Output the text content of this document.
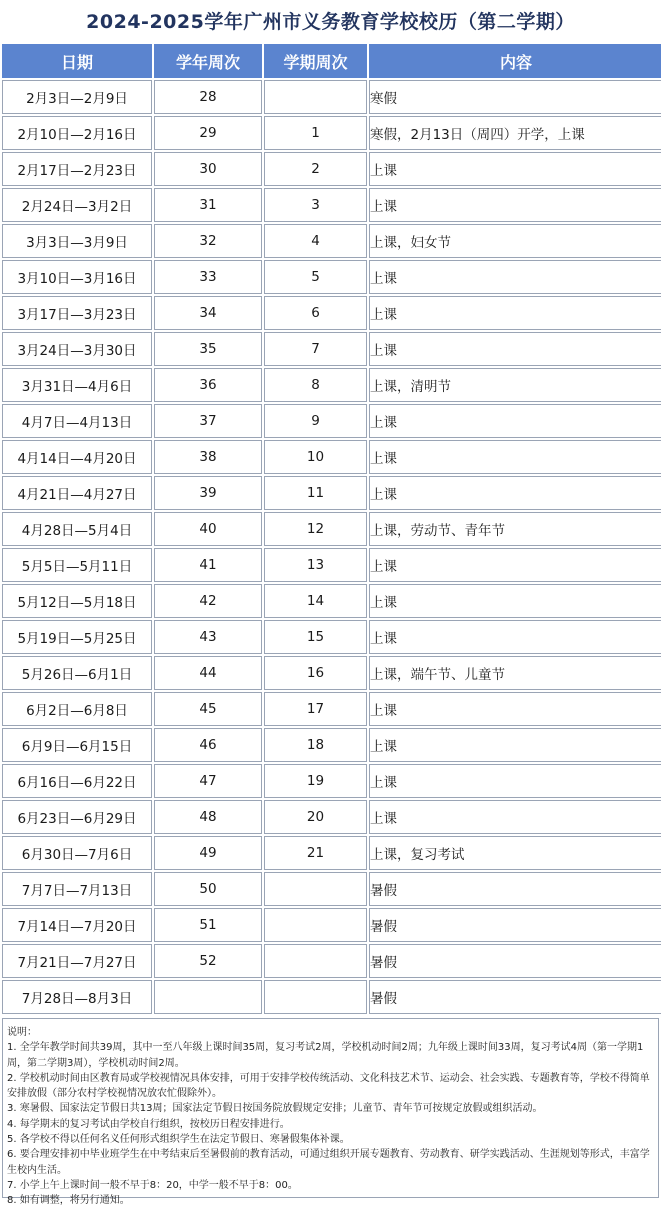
2024-2025学年广州市义务教育学校校历（第二学期）
日期	学年周次	学期周次	内容
2月3日—2月9日	28		寒假
2月10日—2月16日	29	1	寒假，2月13日（周四）开学，上课
2月17日—2月23日	30	2	上课
2月24日—3月2日	31	3	上课
3月3日—3月9日	32	4	上课，妇女节
3月10日—3月16日	33	5	上课
3月17日—3月23日	34	6	上课
3月24日—3月30日	35	7	上课
3月31日—4月6日	36	8	上课，清明节
4月7日—4月13日	37	9	上课
4月14日—4月20日	38	10	上课
4月21日—4月27日	39	11	上课
4月28日—5月4日	40	12	上课，劳动节、青年节
5月5日—5月11日	41	13	上课
5月12日—5月18日	42	14	上课
5月19日—5月25日	43	15	上课
5月26日—6月1日	44	16	上课，端午节、儿童节
6月2日—6月8日	45	17	上课
6月9日—6月15日	46	18	上课
6月16日—6月22日	47	19	上课
6月23日—6月29日	48	20	上课
6月30日—7月6日	49	21	上课，复习考试
7月7日—7月13日	50		暑假
7月14日—7月20日	51		暑假
7月21日—7月27日	52		暑假
7月28日—8月3日			暑假

说明：

1. 全学年教学时间共39周，其中一至八年级上课时间35周，复习考试2周，学校机动时间2周；九年级上课时间33周，复习考试4周（第一学期1周，第二学期3周），学校机动时间2周。

2. 学校机动时间由区教育局或学校视情况具体安排，可用于安排学校传统活动、文化科技艺术节、运动会、社会实践、专题教育等，学校不得简单安排放假（部分农村学校视情况放农忙假除外）。

3. 寒暑假、国家法定节假日共13周；国家法定节假日按国务院放假规定安排；儿童节、青年节可按规定放假或组织活动。

4. 每学期末的复习考试由学校自行组织，按校历日程安排进行。

5. 各学校不得以任何名义任何形式组织学生在法定节假日、寒暑假集体补课。

6. 要合理安排初中毕业班学生在中考结束后至暑假前的教育活动，可通过组织开展专题教育、劳动教育、研学实践活动、生涯规划等形式，丰富学生校内生活。

7. 小学上午上课时间一般不早于8：20，中学一般不早于8：00。

8. 如有调整，将另行通知。
